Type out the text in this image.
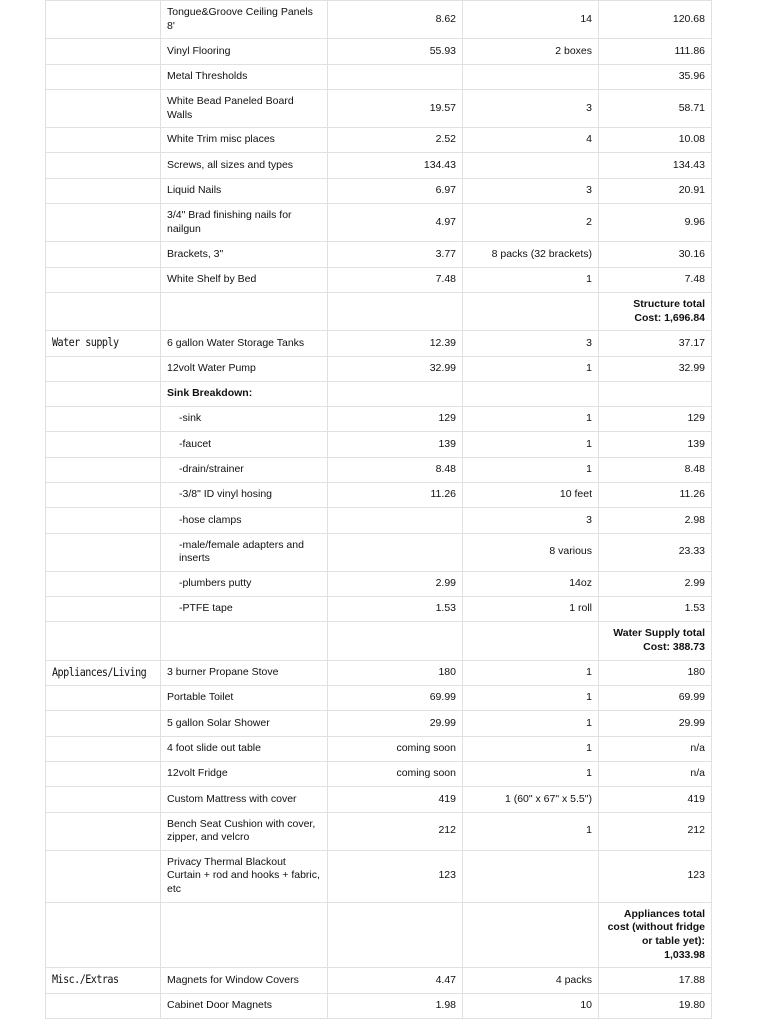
	Tongue&Groove Ceiling Panels 8'	8.62	14	120.68
	Vinyl Flooring	55.93	2 boxes	111.86
	Metal Thresholds			35.96
	White Bead Paneled Board Walls	19.57	3	58.71
	White Trim misc places	2.52	4	10.08
	Screws, all sizes and types	134.43		134.43
	Liquid Nails	6.97	3	20.91
	3/4" Brad finishing nails for nailgun	4.97	2	9.96
	Brackets, 3"	3.77	8 packs (32 brackets)	30.16
	White Shelf by Bed	7.48	1	7.48
				Structure total Cost: 1,696.84
Water supply	6 gallon Water Storage Tanks	12.39	3	37.17
	12volt Water Pump	32.99	1	32.99
	Sink Breakdown:			
	-sink	129	1	129
	-faucet	139	1	139
	-drain/strainer	8.48	1	8.48
	-3/8" ID vinyl hosing	11.26	10 feet	11.26
	-hose clamps		3	2.98
	-male/female adapters and inserts		8 various	23.33
	-plumbers putty	2.99	14oz	2.99
	-PTFE tape	1.53	1 roll	1.53
				Water Supply total Cost: 388.73
Appliances/Living	3 burner Propane Stove	180	1	180
	Portable Toilet	69.99	1	69.99
	5 gallon Solar Shower	29.99	1	29.99
	4 foot slide out table	coming soon	1	n/a
	12volt Fridge	coming soon	1	n/a
	Custom Mattress with cover	419	1 (60" x 67" x 5.5")	419
	Bench Seat Cushion with cover, zipper, and velcro	212	1	212
	Privacy Thermal Blackout Curtain + rod and hooks + fabric, etc	123		123
				Appliances total cost (without fridge or table yet): 1,033.98
Misc./Extras	Magnets for Window Covers	4.47	4 packs	17.88
	Cabinet Door Magnets	1.98	10	19.80
